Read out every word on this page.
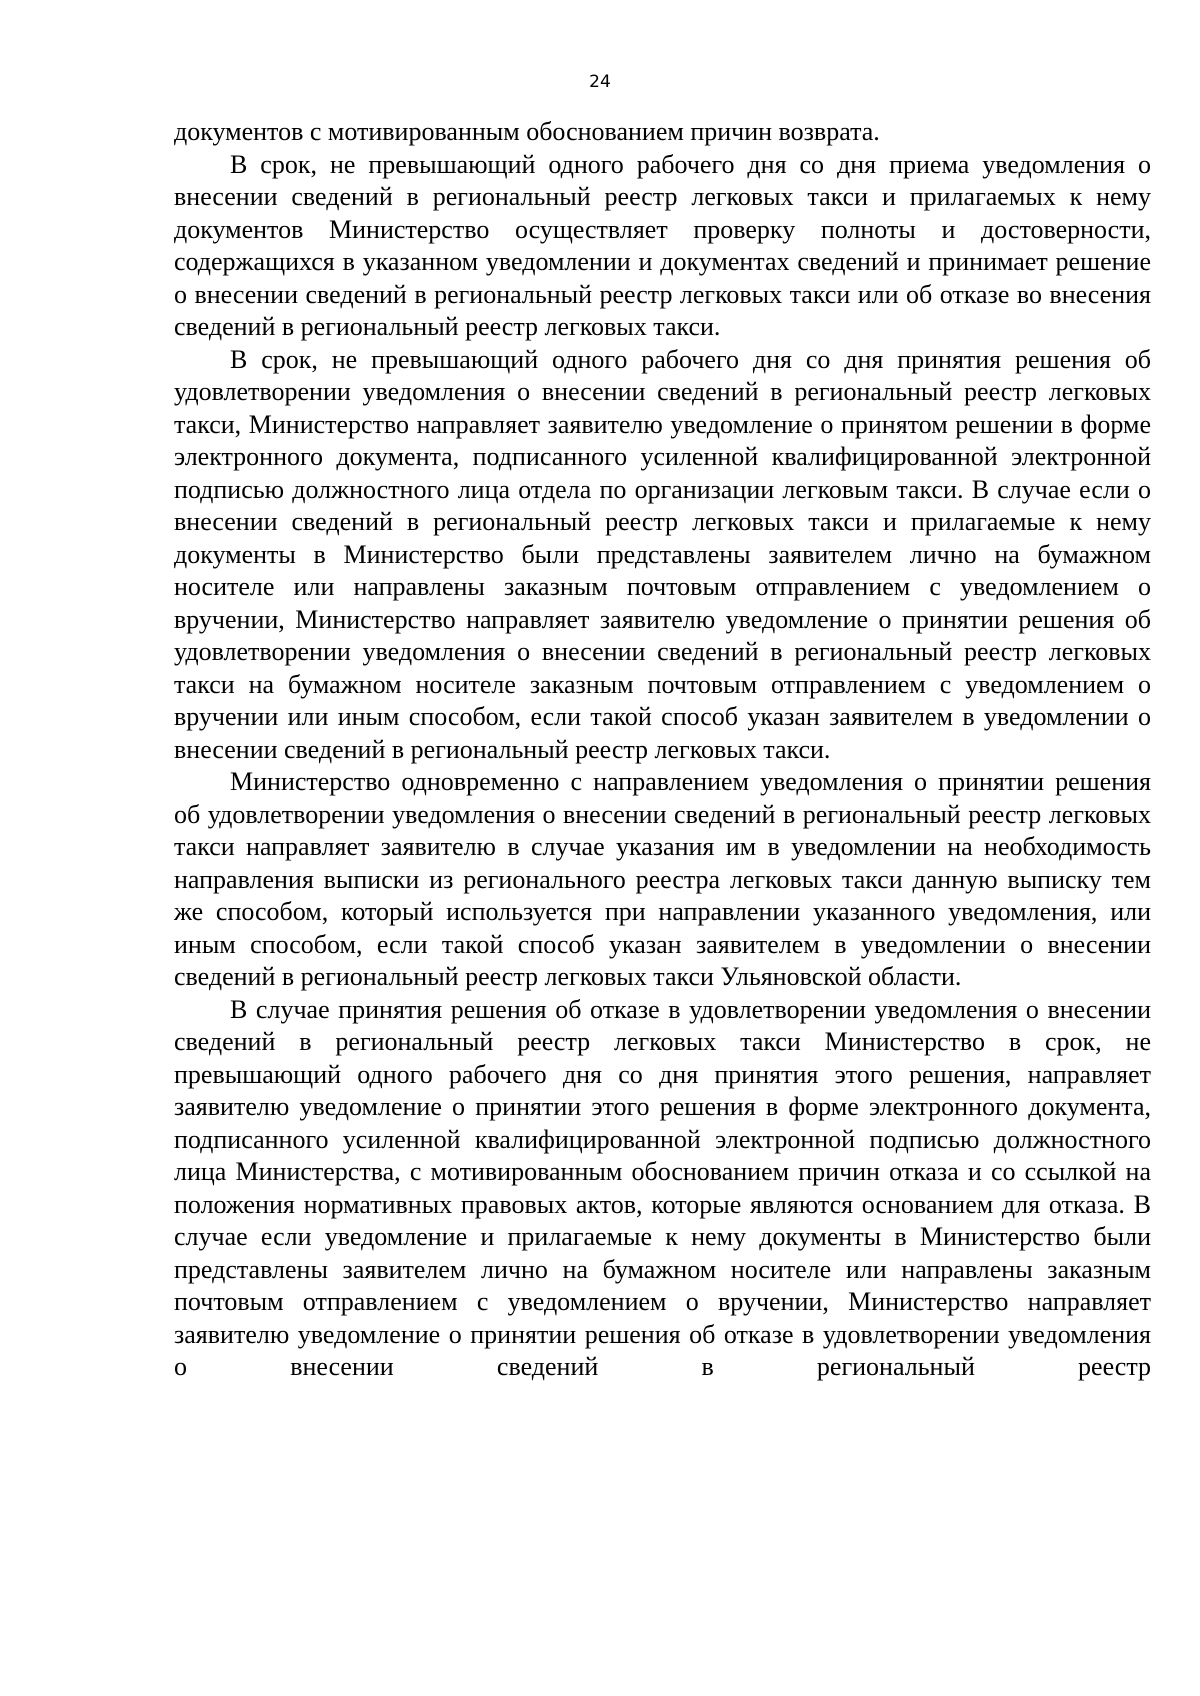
24

документов с мотивированным обоснованием причин возврата.

В срок, не превышающий одного рабочего дня со дня приема уведомления о внесении сведений в региональный реестр легковых такси и прилагаемых к нему документов Министерство осуществляет проверку полноты и достоверности, содержащихся в указанном уведомлении и документах сведений и принимает решение о внесении сведений в региональный реестр легковых такси или об отказе во внесения сведений в региональный реестр легковых такси.

В срок, не превышающий одного рабочего дня со дня принятия решения об удовлетворении уведомления о внесении сведений в региональный реестр легковых такси, Министерство направляет заявителю уведомление о принятом решении в форме электронного документа, подписанного усиленной квалифицированной электронной подписью должностного лица отдела по организации легковым такси. В случае если о внесении сведений в региональный реестр легковых такси и прилагаемые к нему документы в Министерство были представлены заявителем лично на бумажном носителе или направлены заказным почтовым отправлением с уведомлением о вручении, Министерство направляет заявителю уведомление о принятии решения об удовлетворении уведомления о внесении сведений в региональный реестр легковых такси на бумажном носителе заказным почтовым отправлением с уведомлением о вручении или иным способом, если такой способ указан заявителем в уведомлении о внесении сведений в региональный реестр легковых такси.

Министерство одновременно с направлением уведомления о принятии решения об удовлетворении уведомления о внесении сведений в региональный реестр легковых такси направляет заявителю в случае указания им в уведомлении на необходимость направления выписки из регионального реестра легковых такси данную выписку тем же способом, который используется при направлении указанного уведомления, или иным способом, если такой способ указан заявителем в уведомлении о внесении сведений в региональный реестр легковых такси Ульяновской области.

В случае принятия решения об отказе в удовлетворении уведомления о внесении сведений в региональный реестр легковых такси Министерство в срок, не превышающий одного рабочего дня со дня принятия этого решения, направляет заявителю уведомление о принятии этого решения в форме электронного документа, подписанного усиленной квалифицированной электронной подписью должностного лица Министерства, с мотивированным обоснованием причин отказа и со ссылкой на положения нормативных правовых актов, которые являются основанием для отказа. В случае если уведомление и прилагаемые к нему документы в Министерство были представлены заявителем лично на бумажном носителе или направлены заказным почтовым отправлением с уведомлением о вручении, Министерство направляет заявителю уведомление о принятии решения об отказе в удовлетворении уведомления о внесении сведений в региональный реестр
